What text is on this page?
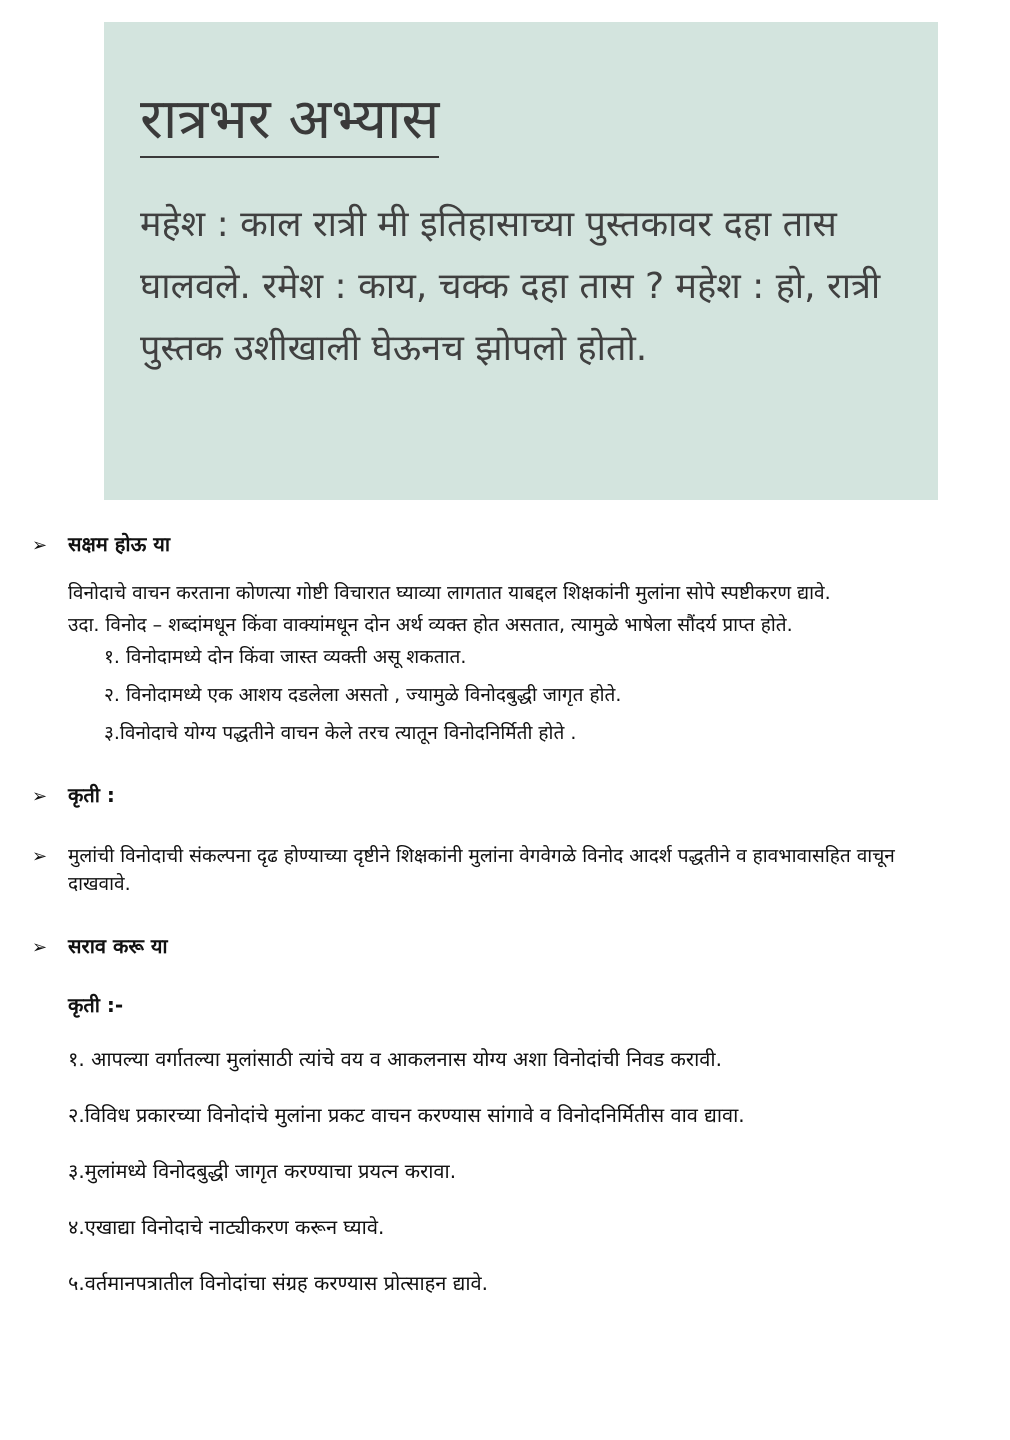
रात्रभर अभ्यास

महेश : काल रात्री मी इतिहासाच्या पुस्तकावर दहा तास घालवले. रमेश : काय, चक्क दहा तास ? महेश : हो, रात्री पुस्तक उशीखाली घेऊनच झोपलो होतो.

➢	सक्षम होऊ या
विनोदाचे वाचन करताना कोणत्या गोष्टी विचारात घ्याव्या लागतात याबद्दल शिक्षकांनी मुलांना सोपे स्पष्टीकरण द्यावे.
उदा. विनोद – शब्दांमधून किंवा वाक्यांमधून दोन अर्थ व्यक्त होत असतात, त्यामुळे भाषेला सौंदर्य प्राप्त होते.
१. विनोदामध्ये दोन किंवा जास्त व्यक्ती असू शकतात.
२. विनोदामध्ये एक आशय दडलेला असतो , ज्यामुळे विनोदबुद्धी जागृत होते.
३.विनोदाचे योग्य पद्धतीने वाचन केले तरच त्यातून विनोदनिर्मिती होते .
➢	कृती :
➢	मुलांची विनोदाची संकल्पना दृढ होण्याच्या दृष्टीने शिक्षकांनी मुलांना वेगवेगळे विनोद आदर्श पद्धतीने व हावभावासहित वाचून दाखवावे.
➢	सराव करू या
कृती :-
१. आपल्या वर्गातल्या मुलांसाठी त्यांचे वय व आकलनास योग्य अशा विनोदांची निवड करावी.
२.विविध प्रकारच्या विनोदांचे मुलांना प्रकट वाचन करण्यास सांगावे व विनोदनिर्मितीस वाव द्यावा.
३.मुलांमध्ये विनोदबुद्धी जागृत करण्याचा प्रयत्न करावा.
४.एखाद्या विनोदाचे नाट्यीकरण करून घ्यावे.
५.वर्तमानपत्रातील विनोदांचा संग्रह करण्यास प्रोत्साहन द्यावे.
